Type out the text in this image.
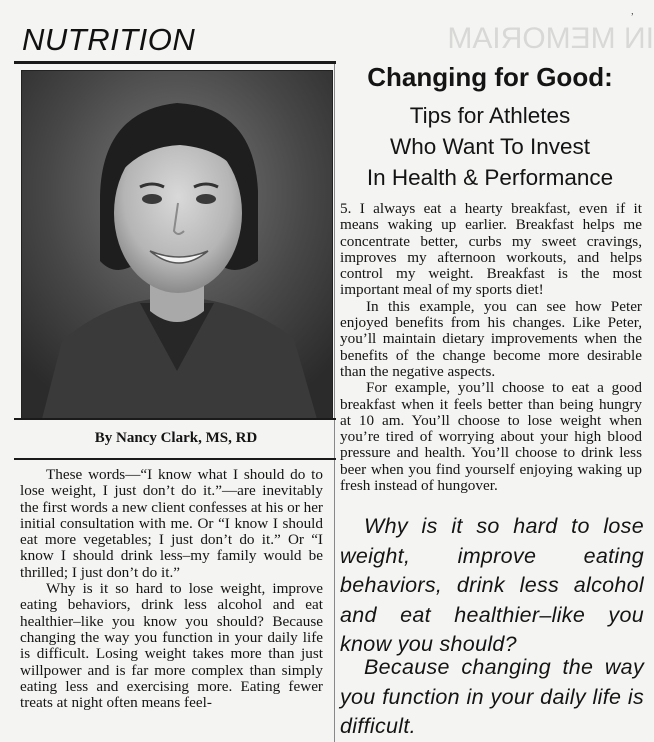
NUTRITION	IN MEMORIAM
ʼ
By Nancy Clark, MS, RD

These words—“I know what I should do to lose weight, I just don’t do it.”—are inevitably the first words a new client confesses at his or her initial consultation with me. Or “I know I should eat more vegetables; I just don’t do it.” Or “I know I should drink less–my family would be thrilled; I just don’t do it.”

Why is it so hard to lose weight, improve eating behaviors, drink less alcohol and eat healthier–like you know you should? Because changing the way you function in your daily life is difficult. Losing weight takes more than just willpower and is far more complex than simply eating less and exercising more. Eating fewer treats at night often means feel-

Changing for Good:
Tips for Athletes
Who Want To Invest
In Health & Performance

5. I always eat a hearty breakfast, even if it means waking up earlier. Breakfast helps me concentrate better, curbs my sweet cravings, improves my afternoon workouts, and helps control my weight. Breakfast is the most important meal of my sports diet!

In this example, you can see how Peter enjoyed benefits from his changes. Like Peter, you’ll maintain dietary improvements when the benefits of the change become more desirable than the negative aspects.

For example, you’ll choose to eat a good breakfast when it feels better than being hungry at 10 am. You’ll choose to lose weight when you’re tired of worrying about your high blood pressure and health. You’ll choose to drink less beer when you find yourself enjoying waking up fresh instead of hungover.

Why is it so hard to lose weight, improve eating behaviors, drink less alcohol and eat healthier–like you know you should?
Because changing the way you function in your daily life is difficult.
